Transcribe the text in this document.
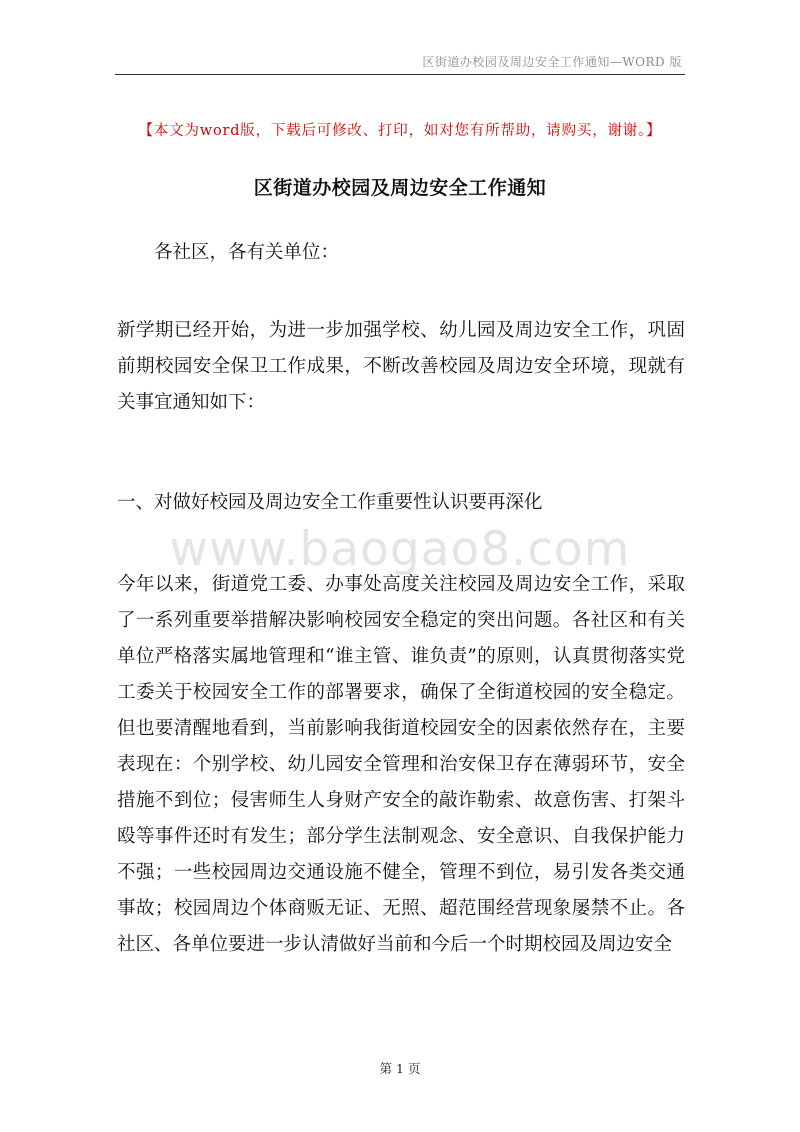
区街道办校园及周边安全工作通知—WORD 版
【本文为word版，下载后可修改、打印，如对您有所帮助，请购买，谢谢。】
区街道办校园及周边安全工作通知
各社区，各有关单位：
新学期已经开始，为进一步加强学校、幼儿园及周边安全工作，巩固前期校园安全保卫工作成果，不断改善校园及周边安全环境，现就有关事宜通知如下：
一、对做好校园及周边安全工作重要性认识要再深化
www.baogao8.com
今年以来，街道党工委、办事处高度关注校园及周边安全工作，采取了一系列重要举措解决影响校园安全稳定的突出问题。各社区和有关单位严格落实属地管理和“谁主管、谁负责”的原则，认真贯彻落实党工委关于校园安全工作的部署要求，确保了全街道校园的安全稳定。但也要清醒地看到，当前影响我街道校园安全的因素依然存在，主要表现在：个别学校、幼儿园安全管理和治安保卫存在薄弱环节，安全措施不到位；侵害师生人身财产安全的敲诈勒索、故意伤害、打架斗殴等事件还时有发生；部分学生法制观念、安全意识、自我保护能力不强；一些校园周边交通设施不健全，管理不到位，易引发各类交通事故；校园周边个体商贩无证、无照、超范围经营现象屡禁不止。各社区、各单位要进一步认清做好当前和今后一个时期校园及周边安全
第 1 页
